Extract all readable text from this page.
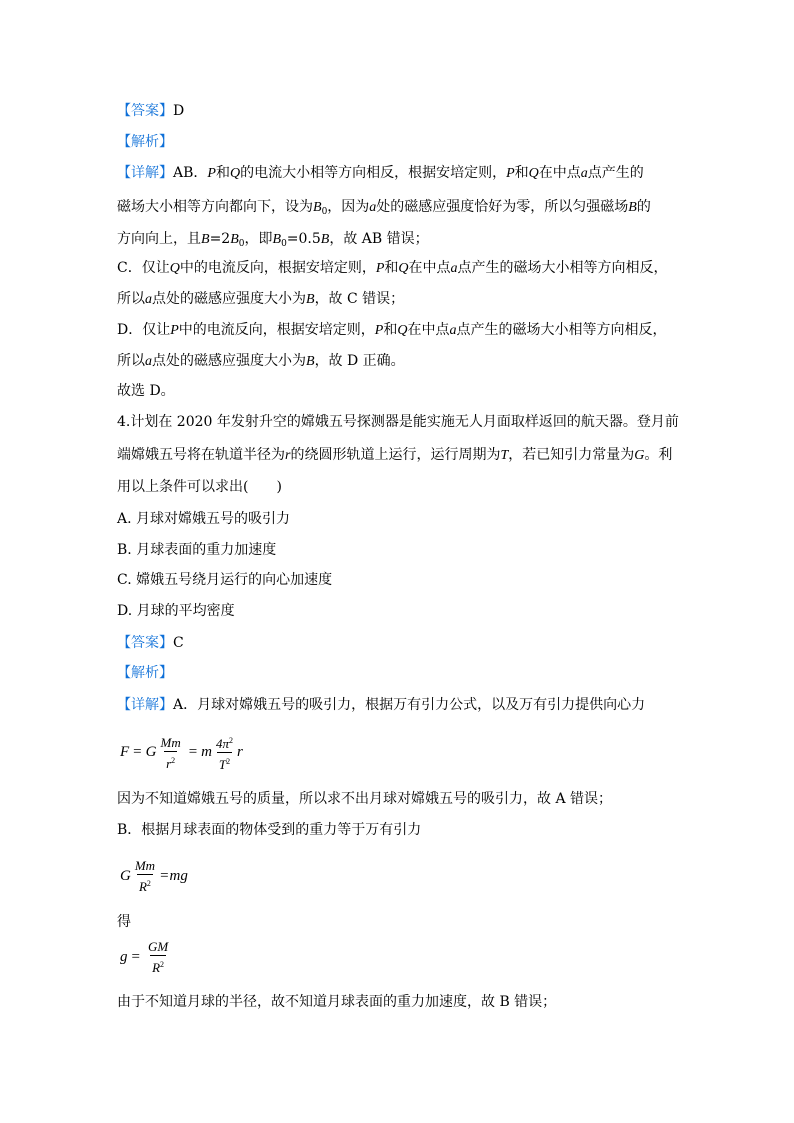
【答案】D
【解析】
【详解】AB．P和Q的电流大小相等方向相反，根据安培定则，P和Q在中点a点产生的
磁场大小相等方向都向下，设为$B_0$，因为a处的磁感应强度恰好为零，所以匀强磁场B的
方向向上，且$B=2B_0$，即$B_0=0.5B$，故 AB 错误；
C．仅让Q中的电流反向，根据安培定则，P和Q在中点a点产生的磁场大小相等方向相反，
所以a点处的磁感应强度大小为B，故 C 错误；
D．仅让P中的电流反向，根据安培定则，P和Q在中点a点产生的磁场大小相等方向相反，
所以a点处的磁感应强度大小为B，故 D 正确。
故选 D。
4.计划在 2020 年发射升空的嫦娥五号探测器是能实施无人月面取样返回的航天器。登月前
端嫦娥五号将在轨道半径为r的绕圆形轨道上运行，运行周期为T，若已知引力常量为G。利
用以上条件可以求出(　　)
A. 月球对嫦娥五号的吸引力
B. 月球表面的重力加速度
C. 嫦娥五号绕月运行的向心加速度
D. 月球的平均密度
【答案】C
【解析】
【详解】A．月球对嫦娥五号的吸引力，根据万有引力公式，以及万有引力提供向心力
F = G $\frac{Mm}{r^2} = m \frac{4\pi^2}{T^2}$ r
因为不知道嫦娥五号的质量，所以求不出月球对嫦娥五号的吸引力，故 A 错误；
B．根据月球表面的物体受到的重力等于万有引力
G $\frac{Mm}{R^2}$ = mg
得
$g = \frac{GM}{R^2}$
由于不知道月球的半径，故不知道月球表面的重力加速度，故 B 错误；
